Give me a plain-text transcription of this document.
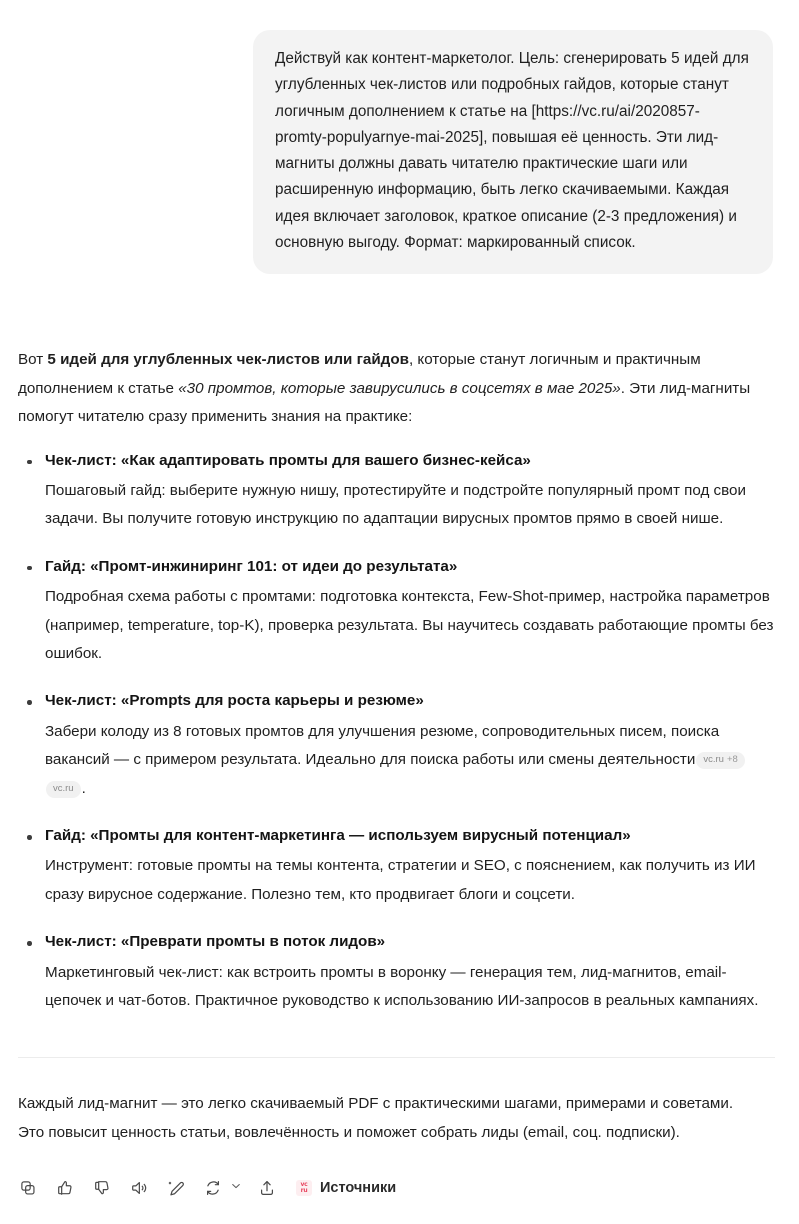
Действуй как контент-маркетолог. Цель: сгенерировать 5 идей для углубленных чек-листов или подробных гайдов, которые станут логичным дополнением к статье на [https://vc.ru/ai/2020857-promty-populyarnye-mai-2025], повышая её ценность. Эти лид-магниты должны давать читателю практические шаги или расширенную информацию, быть легко скачиваемыми. Каждая идея включает заголовок, краткое описание (2-3 предложения) и основную выгоду. Формат: маркированный список.

Вот 5 идей для углубленных чек-листов или гайдов, которые станут логичным и практичным дополнением к статье «30 промтов, которые завирусились в соцсетях в мае 2025». Эти лид-магниты помогут читателю сразу применить знания на практике:

Чек-лист: «Как адаптировать промты для вашего бизнес-кейса»
Пошаговый гайд: выберите нужную нишу, протестируйте и подстройте популярный промт под свои задачи. Вы получите готовую инструкцию по адаптации вирусных промтов прямо в своей нише.
Гайд: «Промт-инжиниринг 101: от идеи до результата»
Подробная схема работы с промтами: подготовка контекста, Few-Shot-пример, настройка параметров (например, temperature, top-K), проверка результата. Вы научитесь создавать работающие промты без ошибок.
Чек-лист: «Prompts для роста карьеры и резюме»
Забери колоду из 8 готовых промтов для улучшения резюме, сопроводительных писем, поиска вакансий — с примером результата. Идеально для поиска работы или смены деятельности vc.ru +8
vc.ru .
Гайд: «Промты для контент-маркетинга — используем вирусный потенциал»
Инструмент: готовые промты на темы контента, стратегии и SEO, с пояснением, как получить из ИИ сразу вирусное содержание. Полезно тем, кто продвигает блоги и соцсети.
Чек-лист: «Преврати промты в поток лидов»
Маркетинговый чек-лист: как встроить промты в воронку — генерация тем, лид-магнитов, email-цепочек и чат-ботов. Практичное руководство к использованию ИИ-запросов в реальных кампаниях.
Каждый лид-магнит — это легко скачиваемый PDF с практическими шагами, примерами и советами.
Это повысит ценность статьи, вовлечённость и поможет собрать лиды (email, соц. подписки).
vc
ru Источники
